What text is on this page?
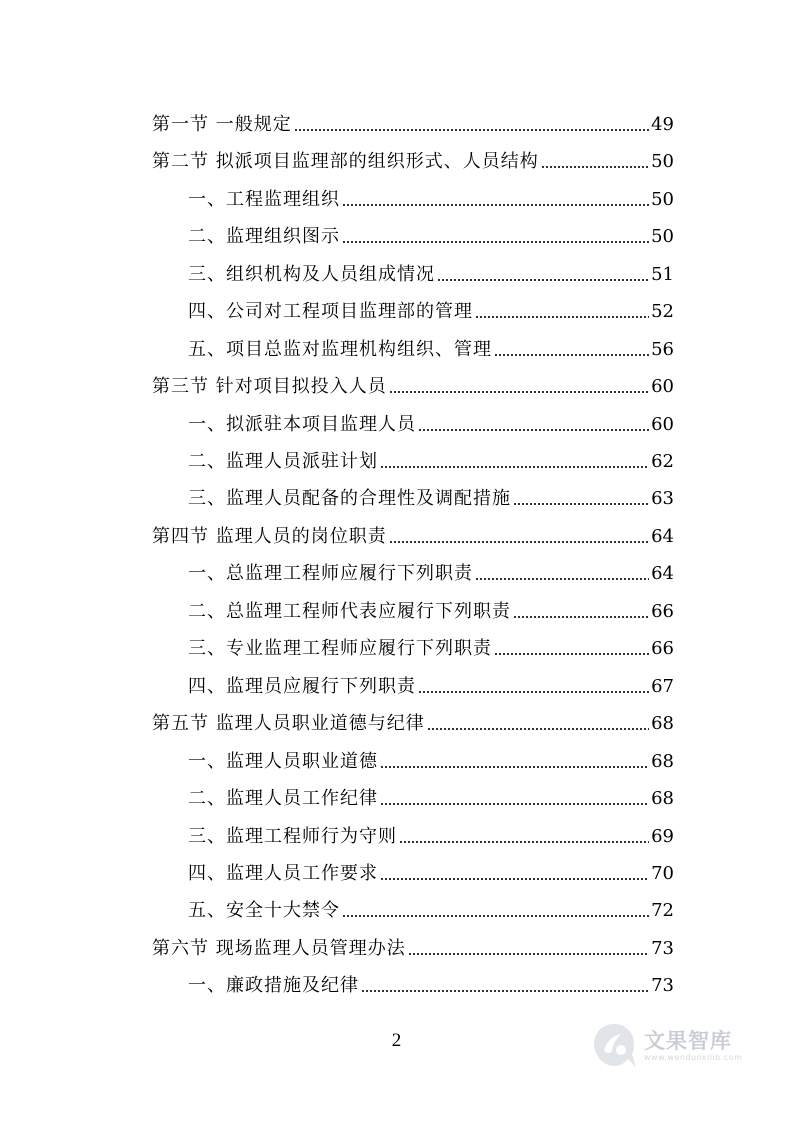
第一节 一般规定	49
第二节 拟派项目监理部的组织形式、人员结构	50
一、工程监理组织	50
二、监理组织图示	50
三、组织机构及人员组成情况	51
四、公司对工程项目监理部的管理	52
五、项目总监对监理机构组织、管理	56
第三节 针对项目拟投入人员	60
一、拟派驻本项目监理人员	60
二、监理人员派驻计划	62
三、监理人员配备的合理性及调配措施	63
第四节 监理人员的岗位职责	64
一、总监理工程师应履行下列职责	64
二、总监理工程师代表应履行下列职责	66
三、专业监理工程师应履行下列职责	66
四、监理员应履行下列职责	67
第五节 监理人员职业道德与纪律	68
一、监理人员职业道德	68
二、监理人员工作纪律	68
三、监理工程师行为守则	69
四、监理人员工作要求	70
五、安全十大禁令	72
第六节 现场监理人员管理办法	73
一、廉政措施及纪律	73
2	文果智库
www.wenduoxilib.com
